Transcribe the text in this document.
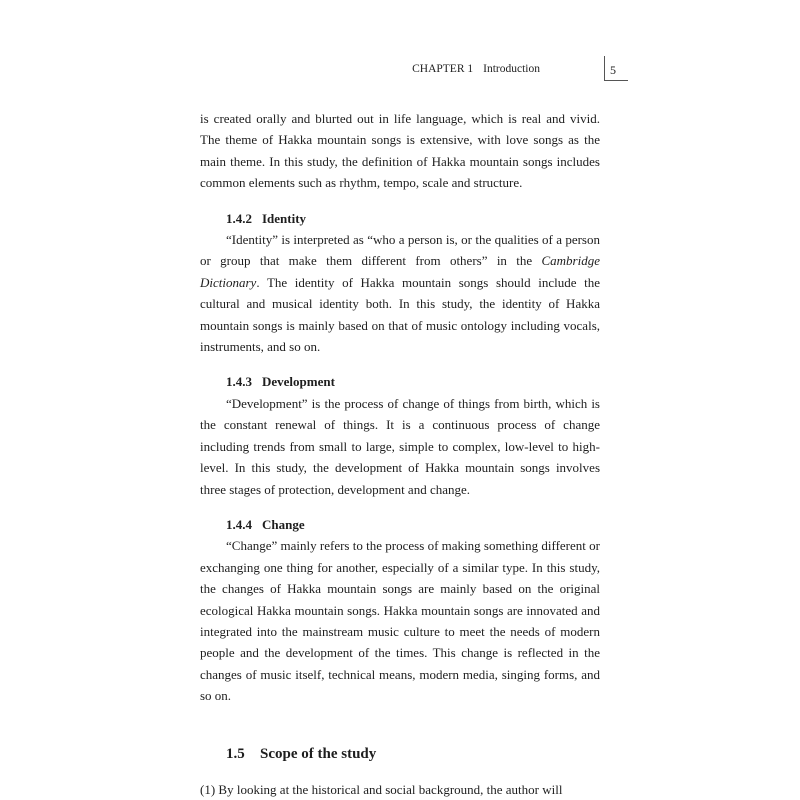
CHAPTER 1 Introduction	5

is created orally and blurted out in life language, which is real and vivid. The theme of Hakka mountain songs is extensive, with love songs as the main theme. In this study, the definition of Hakka mountain songs includes common elements such as rhythm, tempo, scale and structure.

1.4.2 Identity

“Identity” is interpreted as “who a person is, or the qualities of a person or group that make them different from others” in the Cambridge Dictionary. The identity of Hakka mountain songs should include the cultural and musical identity both. In this study, the identity of Hakka mountain songs is mainly based on that of music ontology including vocals, instruments, and so on.

1.4.3 Development

“Development” is the process of change of things from birth, which is the constant renewal of things. It is a continuous process of change including trends from small to large, simple to complex, low-level to high-level. In this study, the development of Hakka mountain songs involves three stages of protection, development and change.

1.4.4 Change

“Change” mainly refers to the process of making something different or exchanging one thing for another, especially of a similar type. In this study, the changes of Hakka mountain songs are mainly based on the original ecological Hakka mountain songs. Hakka mountain songs are innovated and integrated into the mainstream music culture to meet the needs of modern people and the development of the times. This change is reflected in the changes of music itself, technical means, modern media, singing forms, and so on.

1.5 Scope of the study

(1) By looking at the historical and social background, the author will
